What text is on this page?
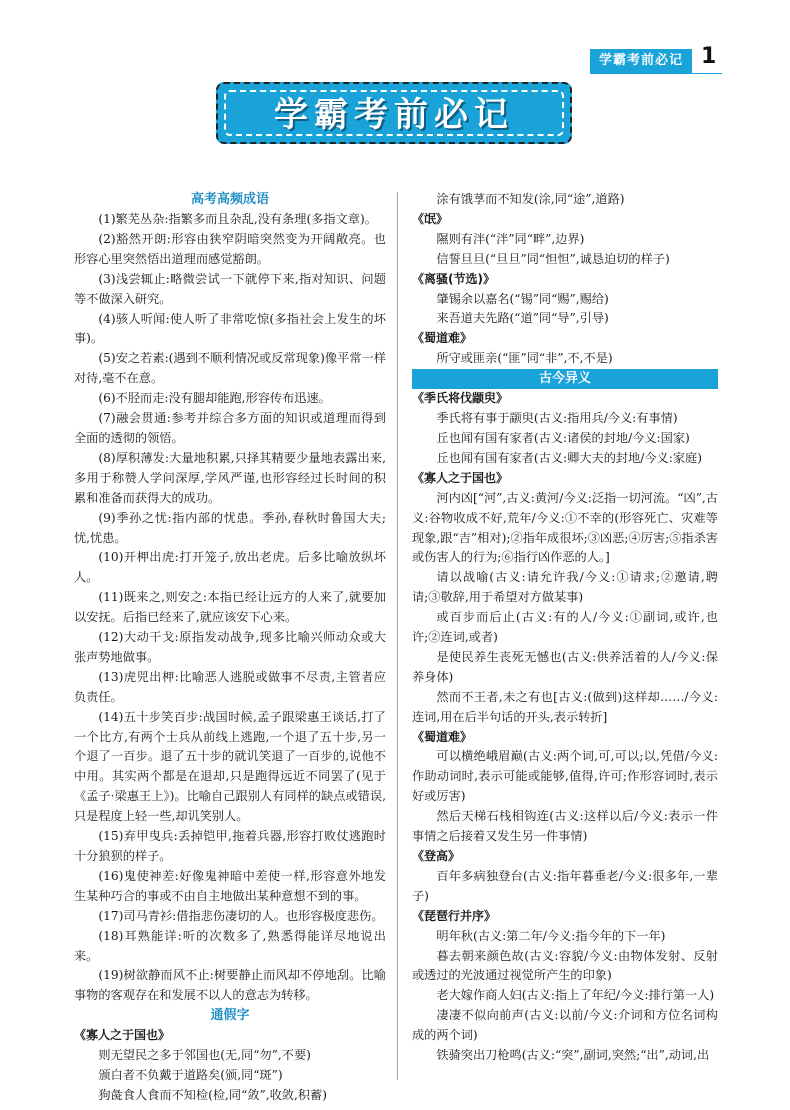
学霸考前必记 1
学霸考前必记

高考高频成语

(1)繁芜丛杂:指繁多而且杂乱,没有条理(多指文章)。

(2)豁然开朗:形容由狭窄阴暗突然变为开阔敞亮。也形容心里突然悟出道理而感觉豁朗。

(3)浅尝辄止:略微尝试一下就停下来,指对知识、问题等不做深入研究。

(4)骇人听闻:使人听了非常吃惊(多指社会上发生的坏事)。

(5)安之若素:(遇到不顺利情况或反常现象)像平常一样对待,毫不在意。

(6)不胫而走:没有腿却能跑,形容传布迅速。

(7)融会贯通:参考并综合多方面的知识或道理而得到全面的透彻的领悟。

(8)厚积薄发:大量地积累,只择其精要少量地表露出来,多用于称赞人学问深厚,学风严谨,也形容经过长时间的积累和准备而获得大的成功。

(9)季孙之忧:指内部的忧患。季孙,春秋时鲁国大夫;忧,忧患。

(10)开柙出虎:打开笼子,放出老虎。后多比喻放纵坏人。

(11)既来之,则安之:本指已经让远方的人来了,就要加以安抚。后指已经来了,就应该安下心来。

(12)大动干戈:原指发动战争,现多比喻兴师动众或大张声势地做事。

(13)虎兕出柙:比喻恶人逃脱或做事不尽责,主管者应负责任。

(14)五十步笑百步:战国时候,孟子跟梁惠王谈话,打了一个比方,有两个士兵从前线上逃跑,一个退了五十步,另一个退了一百步。退了五十步的就讥笑退了一百步的,说他不中用。其实两个都是在退却,只是跑得远近不同罢了(见于《孟子·梁惠王上》)。比喻自己跟别人有同样的缺点或错误,只是程度上轻一些,却讥笑别人。

(15)弃甲曳兵:丢掉铠甲,拖着兵器,形容打败仗逃跑时十分狼狈的样子。

(16)鬼使神差:好像鬼神暗中差使一样,形容意外地发生某种巧合的事或不由自主地做出某种意想不到的事。

(17)司马青衫:借指悲伤凄切的人。也形容极度悲伤。

(18)耳熟能详:听的次数多了,熟悉得能详尽地说出来。

(19)树欲静而风不止:树要静止而风却不停地刮。比喻事物的客观存在和发展不以人的意志为转移。

通假字

《寡人之于国也》

则无望民之多于邻国也(无,同“勿”,不要)

颁白者不负戴于道路矣(颁,同“斑”)

狗彘食人食而不知检(检,同“敛”,收敛,积蓄)

涂有饿莩而不知发(涂,同“途”,道路)

《氓》

隰则有泮(“泮”同“畔”,边界)

信誓旦旦(“旦旦”同“怛怛”,诚恳迫切的样子)

《离骚(节选)》

肇锡余以嘉名(“锡”同“赐”,赐给)

来吾道夫先路(“道”同“导”,引导)

《蜀道难》

所守或匪亲(“匪”同“非”,不,不是)

古今异义

《季氏将伐颛臾》

季氏将有事于颛臾(古义:指用兵/今义:有事情)

丘也闻有国有家者(古义:诸侯的封地/今义:国家)

丘也闻有国有家者(古义:卿大夫的封地/今义:家庭)

《寡人之于国也》

河内凶[“河”,古义:黄河/今义:泛指一切河流。“凶”,古义:谷物收成不好,荒年/今义:①不幸的(形容死亡、灾难等现象,跟“吉”相对);②指年成很坏;③凶恶;④厉害;⑤指杀害或伤害人的行为;⑥指行凶作恶的人。]

请以战喻(古义:请允许我/今义:①请求;②邀请,聘请;③敬辞,用于希望对方做某事)

或百步而后止(古义:有的人/今义:①副词,或许,也许;②连词,或者)

是使民养生丧死无憾也(古义:供养活着的人/今义:保养身体)

然而不王者,未之有也[古义:(做到)这样却……/今义:连词,用在后半句话的开头,表示转折]

《蜀道难》

可以横绝峨眉巅(古义:两个词,可,可以;以,凭借/今义:作助动词时,表示可能或能够,值得,许可;作形容词时,表示好或厉害)

然后天梯石栈相钩连(古义:这样以后/今义:表示一件事情之后接着又发生另一件事情)

《登高》

百年多病独登台(古义:指年暮垂老/今义:很多年,一辈子)

《琵琶行并序》

明年秋(古义:第二年/今义:指今年的下一年)

暮去朝来颜色故(古义:容貌/今义:由物体发射、反射或透过的光波通过视觉所产生的印象)

老大嫁作商人妇(古义:指上了年纪/今义:排行第一人)

凄凄不似向前声(古义:以前/今义:介词和方位名词构成的两个词)

铁骑突出刀枪鸣(古义:“突”,副词,突然;“出”,动词,出
